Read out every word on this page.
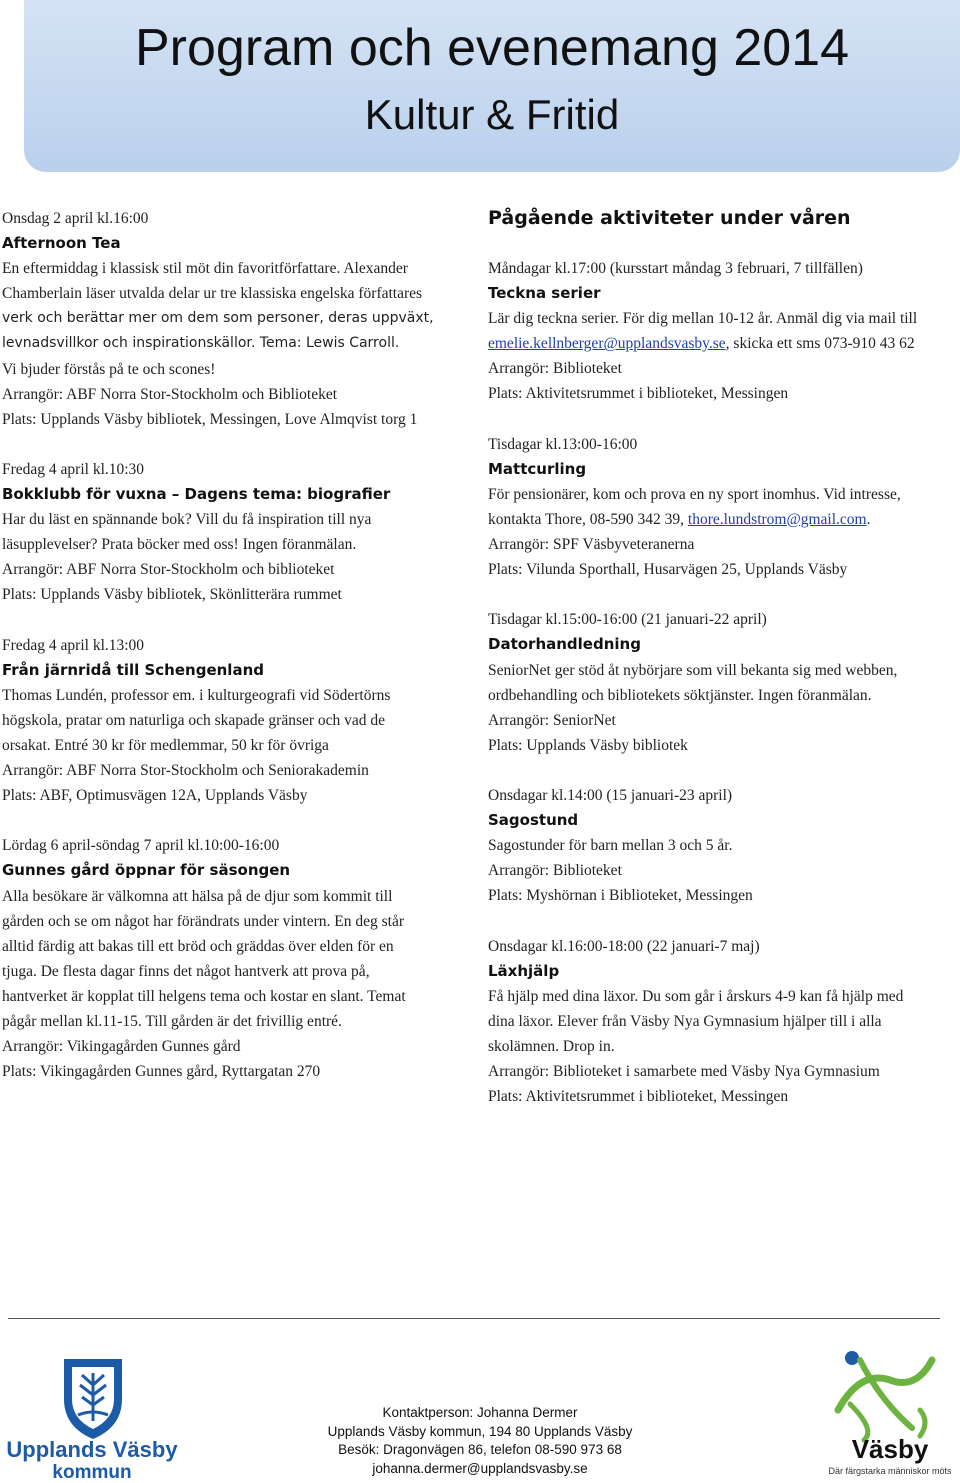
Program och evenemang 2014
Kultur & Fritid
Onsdag 2 april kl.16:00
Afternoon Tea
En eftermiddag i klassisk stil möt din favoritförfattare. Alexander
Chamberlain läser utvalda delar ur tre klassiska engelska författares
verk och berättar mer om dem som personer, deras uppväxt,
levnadsvillkor och inspirationskällor. Tema: Lewis Carroll.
Vi bjuder förstås på te och scones!
Arrangör: ABF Norra Stor-Stockholm och Biblioteket
Plats: Upplands Väsby bibliotek, Messingen, Love Almqvist torg 1
Fredag 4 april kl.10:30
Bokklubb för vuxna – Dagens tema: biografier
Har du läst en spännande bok? Vill du få inspiration till nya
läsupplevelser? Prata böcker med oss! Ingen föranmälan.
Arrangör: ABF Norra Stor-Stockholm och biblioteket
Plats: Upplands Väsby bibliotek, Skönlitterära rummet
Fredag 4 april kl.13:00
Från järnridå till Schengenland
Thomas Lundén, professor em. i kulturgeografi vid Södertörns
högskola, pratar om naturliga och skapade gränser och vad de
orsakat. Entré 30 kr för medlemmar, 50 kr för övriga
Arrangör: ABF Norra Stor-Stockholm och Seniorakademin
Plats: ABF, Optimusvägen 12A, Upplands Väsby
Lördag 6 april-söndag 7 april kl.10:00-16:00
Gunnes gård öppnar för säsongen
Alla besökare är välkomna att hälsa på de djur som kommit till
gården och se om något har förändrats under vintern. En deg står
alltid färdig att bakas till ett bröd och gräddas över elden för en
tjuga. De flesta dagar finns det något hantverk att prova på,
hantverket är kopplat till helgens tema och kostar en slant. Temat
pågår mellan kl.11-15. Till gården är det frivillig entré.
Arrangör: Vikingagården Gunnes gård
Plats: Vikingagården Gunnes gård, Ryttargatan 270
Pågående aktiviteter under våren
Måndagar kl.17:00 (kursstart måndag 3 februari, 7 tillfällen)
Teckna serier
Lär dig teckna serier. För dig mellan 10-12 år. Anmäl dig via mail till
emelie.kellnberger@upplandsvasby.se, skicka ett sms 073-910 43 62
Arrangör: Biblioteket
Plats: Aktivitetsrummet i biblioteket, Messingen
Tisdagar kl.13:00-16:00
Mattcurling
För pensionärer, kom och prova en ny sport inomhus. Vid intresse,
kontakta Thore, 08-590 342 39, thore.lundstrom@gmail.com.
Arrangör: SPF Väsbyveteranerna
Plats: Vilunda Sporthall, Husarvägen 25, Upplands Väsby
Tisdagar kl.15:00-16:00 (21 januari-22 april)
Datorhandledning
SeniorNet ger stöd åt nybörjare som vill bekanta sig med webben,
ordbehandling och bibliotekets söktjänster. Ingen föranmälan.
Arrangör: SeniorNet
Plats: Upplands Väsby bibliotek
Onsdagar kl.14:00 (15 januari-23 april)
Sagostund
Sagostunder för barn mellan 3 och 5 år.
Arrangör: Biblioteket
Plats: Myshörnan i Biblioteket, Messingen
Onsdagar kl.16:00-18:00 (22 januari-7 maj)
Läxhjälp
Få hjälp med dina läxor. Du som går i årskurs 4-9 kan få hjälp med
dina läxor. Elever från Väsby Nya Gymnasium hjälper till i alla
skolämnen. Drop in.
Arrangör: Biblioteket i samarbete med Väsby Nya Gymnasium
Plats: Aktivitetsrummet i biblioteket, Messingen
Upplands Väsby
kommun
Kontaktperson: Johanna Dermer
Upplands Väsby kommun, 194 80 Upplands Väsby
Besök: Dragonvägen 86, telefon 08-590 973 68
johanna.dermer@upplandsvasby.se
Väsby
Där färgstarka människor möts
